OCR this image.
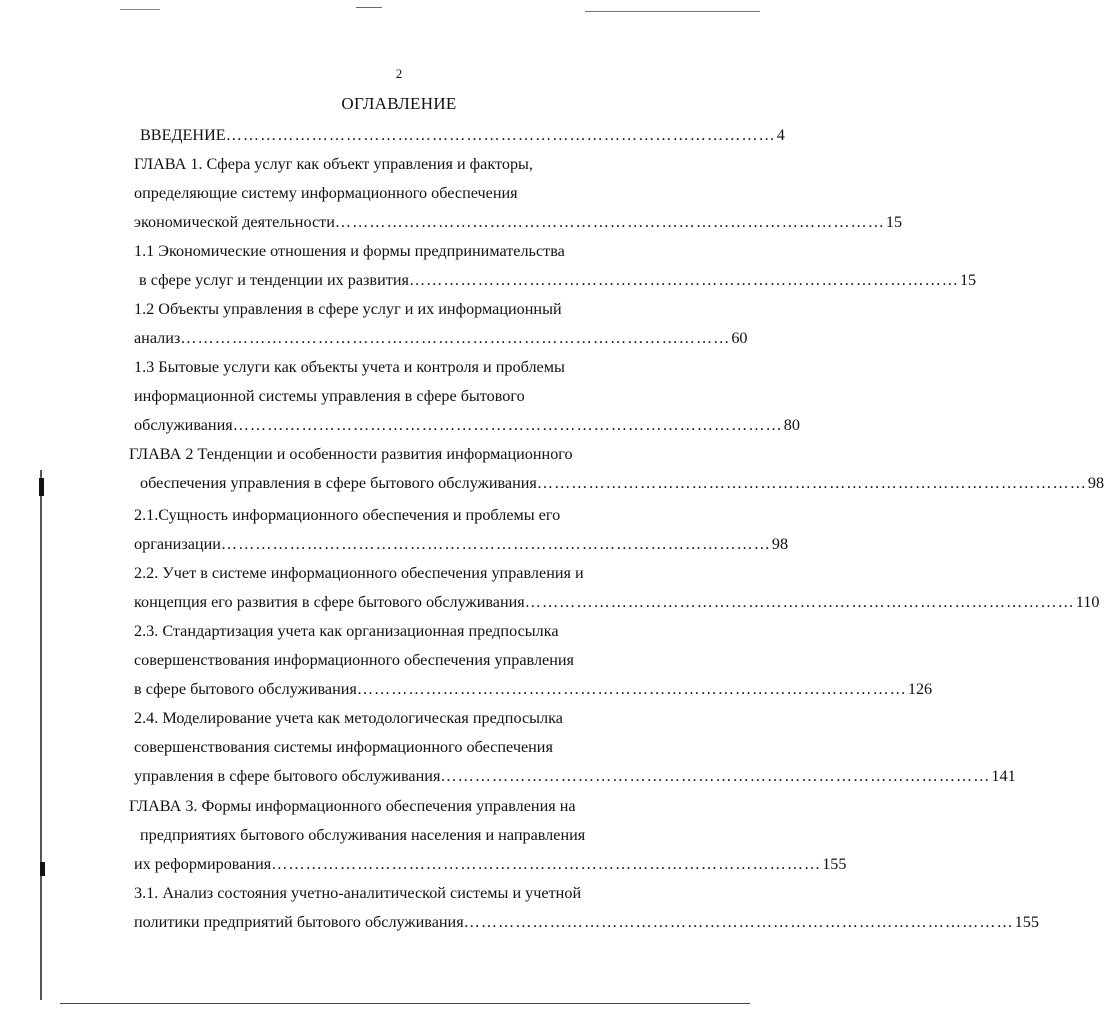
2
ОГЛАВЛЕНИЕ
ВВЕДЕНИЕ …………………………………………………………………………………… 4
ГЛАВА 1. Сфера услуг как объект управления и факторы,
определяющие систему информационного обеспечения
экономической деятельности …………………………………………………………………………………… 15
1.1 Экономические отношения и формы предпринимательства
в сфере услуг и тенденции их развития …………………………………………………………………………………… 15
1.2 Объекты управления в сфере услуг и их информационный
анализ …………………………………………………………………………………… 60
1.3 Бытовые услуги как объекты учета и контроля и проблемы
информационной системы управления в сфере бытового
обслуживания …………………………………………………………………………………… 80
ГЛАВА 2 Тенденции и особенности развития информационного
обеспечения управления в сфере бытового обслуживания …………………………………………………………………………………… 98
2.1.Сущность информационного обеспечения и проблемы его
организации …………………………………………………………………………………… 98
2.2. Учет в системе информационного обеспечения управления и
концепция его развития в сфере бытового обслуживания …………………………………………………………………………………… 110
2.3. Стандартизация учета как организационная предпосылка
совершенствования информационного обеспечения управления
в сфере бытового обслуживания …………………………………………………………………………………… 126
2.4. Моделирование учета как методологическая предпосылка
совершенствования системы информационного обеспечения
управления в сфере бытового обслуживания …………………………………………………………………………………… 141
ГЛАВА 3. Формы информационного обеспечения управления на
предприятиях бытового обслуживания населения и направления
их реформирования …………………………………………………………………………………… 155
3.1. Анализ состояния учетно-аналитической системы и учетной
политики предприятий бытового обслуживания …………………………………………………………………………………… 155
